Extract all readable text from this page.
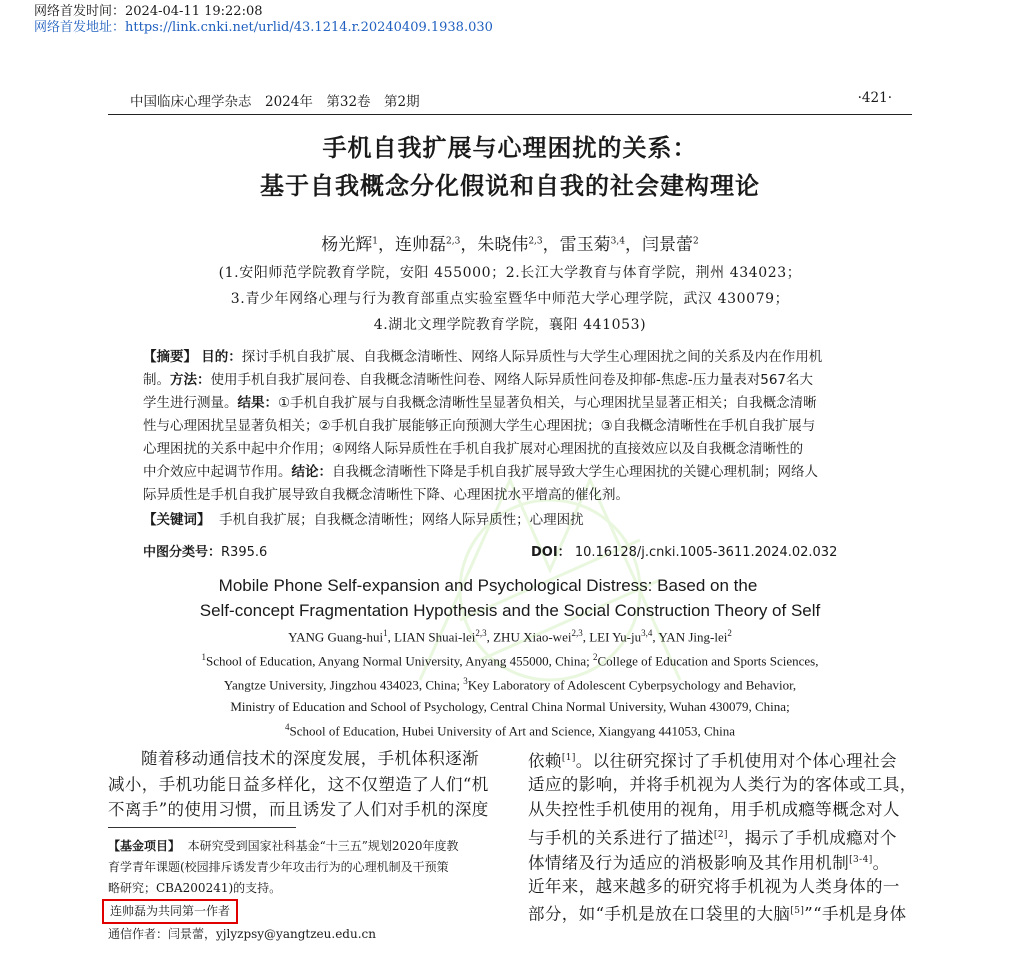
网络首发时间：2024-04-11 19:22:08
网络首发地址：https://link.cnki.net/urlid/43.1214.r.20240409.1938.030
中国临床心理学杂志　2024年　第32卷　第2期	·421·
手机自我扩展与心理困扰的关系：
基于自我概念分化假说和自我的社会建构理论
杨光辉$^1$，连帅磊$^{2,3}$，朱晓伟$^{2,3}$，雷玉菊$^{3,4}$，闫景蕾$^2$
(1.安阳师范学院教育学院，安阳 455000；2.长江大学教育与体育学院，荆州 434023；
3.青少年网络心理与行为教育部重点实验室暨华中师范大学心理学院，武汉 430079；
4.湖北文理学院教育学院，襄阳 441053)
【摘要】 目的：探讨手机自我扩展、自我概念清晰性、网络人际异质性与大学生心理困扰之间的关系及内在作用机
制。方法：使用手机自我扩展问卷、自我概念清晰性问卷、网络人际异质性问卷及抑郁-焦虑-压力量表对567名大
学生进行测量。结果：①手机自我扩展与自我概念清晰性呈显著负相关，与心理困扰呈显著正相关；自我概念清晰
性与心理困扰呈显著负相关；②手机自我扩展能够正向预测大学生心理困扰；③自我概念清晰性在手机自我扩展与
心理困扰的关系中起中介作用；④网络人际异质性在手机自我扩展对心理困扰的直接效应以及自我概念清晰性的
中介效应中起调节作用。结论：自我概念清晰性下降是手机自我扩展导致大学生心理困扰的关键心理机制；网络人
际异质性是手机自我扩展导致自我概念清晰性下降、心理困扰水平增高的催化剂。
【关键词】 手机自我扩展；自我概念清晰性；网络人际异质性；心理困扰
中图分类号：R395.6	DOI： 10.16128/j.cnki.1005-3611.2024.02.032
Mobile Phone Self-expansion and Psychological Distress: Based on the
Self-concept Fragmentation Hypothesis and the Social Construction Theory of Self
YANG Guang-hui$^1$, LIAN Shuai-lei$^{2,3}$, ZHU Xiao-wei$^{2,3}$, LEI Yu-ju$^{3,4}$, YAN Jing-lei$^2$
$^1$School of Education, Anyang Normal University, Anyang 455000, China; $^2$College of Education and Sports Sciences,
Yangtze University, Jingzhou 434023, China; $^3$Key Laboratory of Adolescent Cyberpsychology and Behavior,
Ministry of Education and School of Psychology, Central China Normal University, Wuhan 430079, China;
$^4$School of Education, Hubei University of Art and Science, Xiangyang 441053, China
随着移动通信技术的深度发展，手机体积逐渐
减小，手机功能日益多样化，这不仅塑造了人们“机
不离手”的使用习惯，而且诱发了人们对手机的深度
【基金项目】 本研究受到国家社科基金“十三五”规划2020年度教
育学青年课题(校园排斥诱发青少年攻击行为的心理机制及干预策
略研究；CBA200241)的支持。
连帅磊为共同第一作者
通信作者：闫景蕾，yjlyzpsy@yangtzeu.edu.cn
依赖[1]。以往研究探讨了手机使用对个体心理社会
适应的影响，并将手机视为人类行为的客体或工具，
从失控性手机使用的视角，用手机成瘾等概念对人
与手机的关系进行了描述[2]，揭示了手机成瘾对个
体情绪及行为适应的消极影响及其作用机制[3-4]。
近年来，越来越多的研究将手机视为人类身体的一
部分，如“手机是放在口袋里的大脑[5]”“手机是身体
